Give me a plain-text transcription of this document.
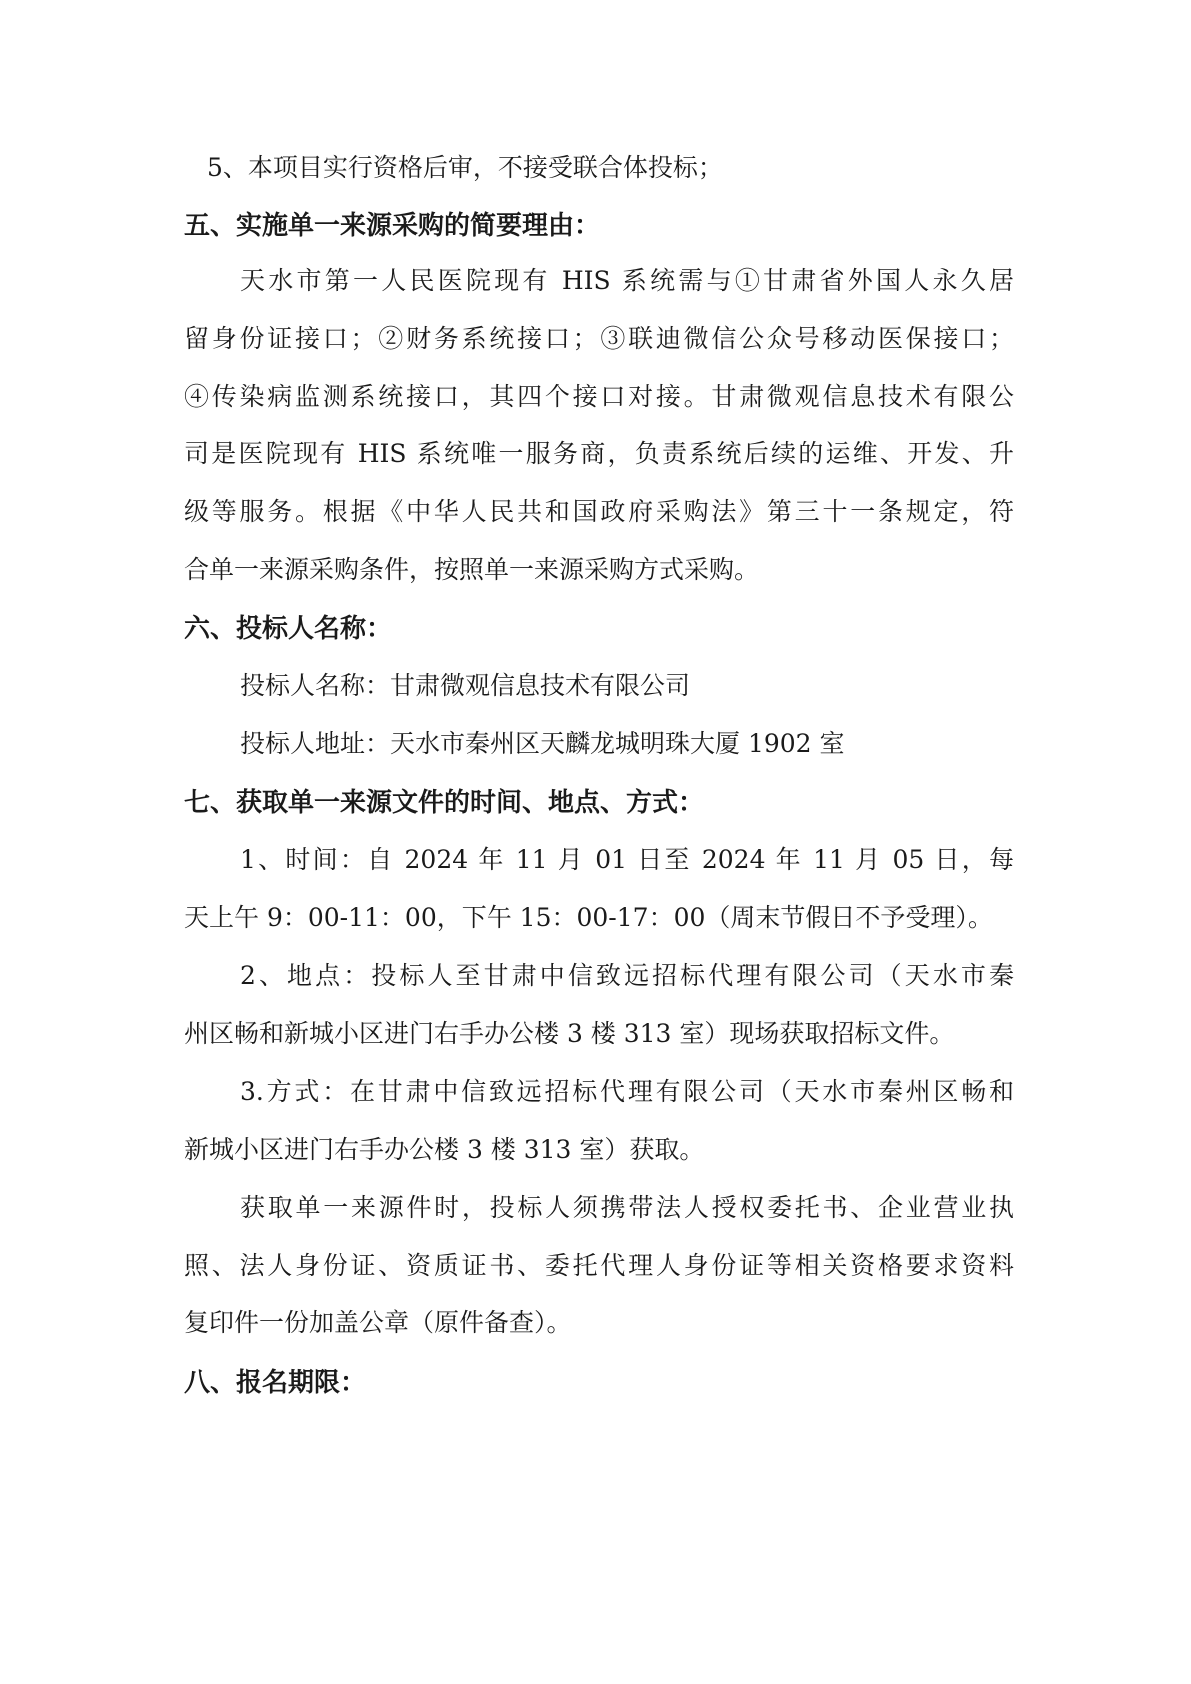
5、本项目实行资格后审，不接受联合体投标；
五、实施单一来源采购的简要理由：
天水市第一人民医院现有 HIS 系统需与①甘肃省外国人永久居
留身份证接口；②财务系统接口；③联迪微信公众号移动医保接口；
④传染病监测系统接口，其四个接口对接。甘肃微观信息技术有限公
司是医院现有 HIS 系统唯一服务商，负责系统后续的运维、开发、升
级等服务。根据《中华人民共和国政府采购法》第三十一条规定，符
合单一来源采购条件，按照单一来源采购方式采购。
六、投标人名称：
投标人名称：甘肃微观信息技术有限公司
投标人地址：天水市秦州区天麟龙城明珠大厦 1902 室
七、获取单一来源文件的时间、地点、方式：
1、时间：自 2024 年 11 月 01 日至 2024 年 11 月 05 日，每
天上午 9：00-11：00，下午 15：00-17：00（周末节假日不予受理）。
2、地点：投标人至甘肃中信致远招标代理有限公司（天水市秦
州区畅和新城小区进门右手办公楼 3 楼 313 室）现场获取招标文件。
3.方式：在甘肃中信致远招标代理有限公司（天水市秦州区畅和
新城小区进门右手办公楼 3 楼 313 室）获取。
获取单一来源件时，投标人须携带法人授权委托书、企业营业执
照、法人身份证、资质证书、委托代理人身份证等相关资格要求资料
复印件一份加盖公章（原件备查）。
八、报名期限：
